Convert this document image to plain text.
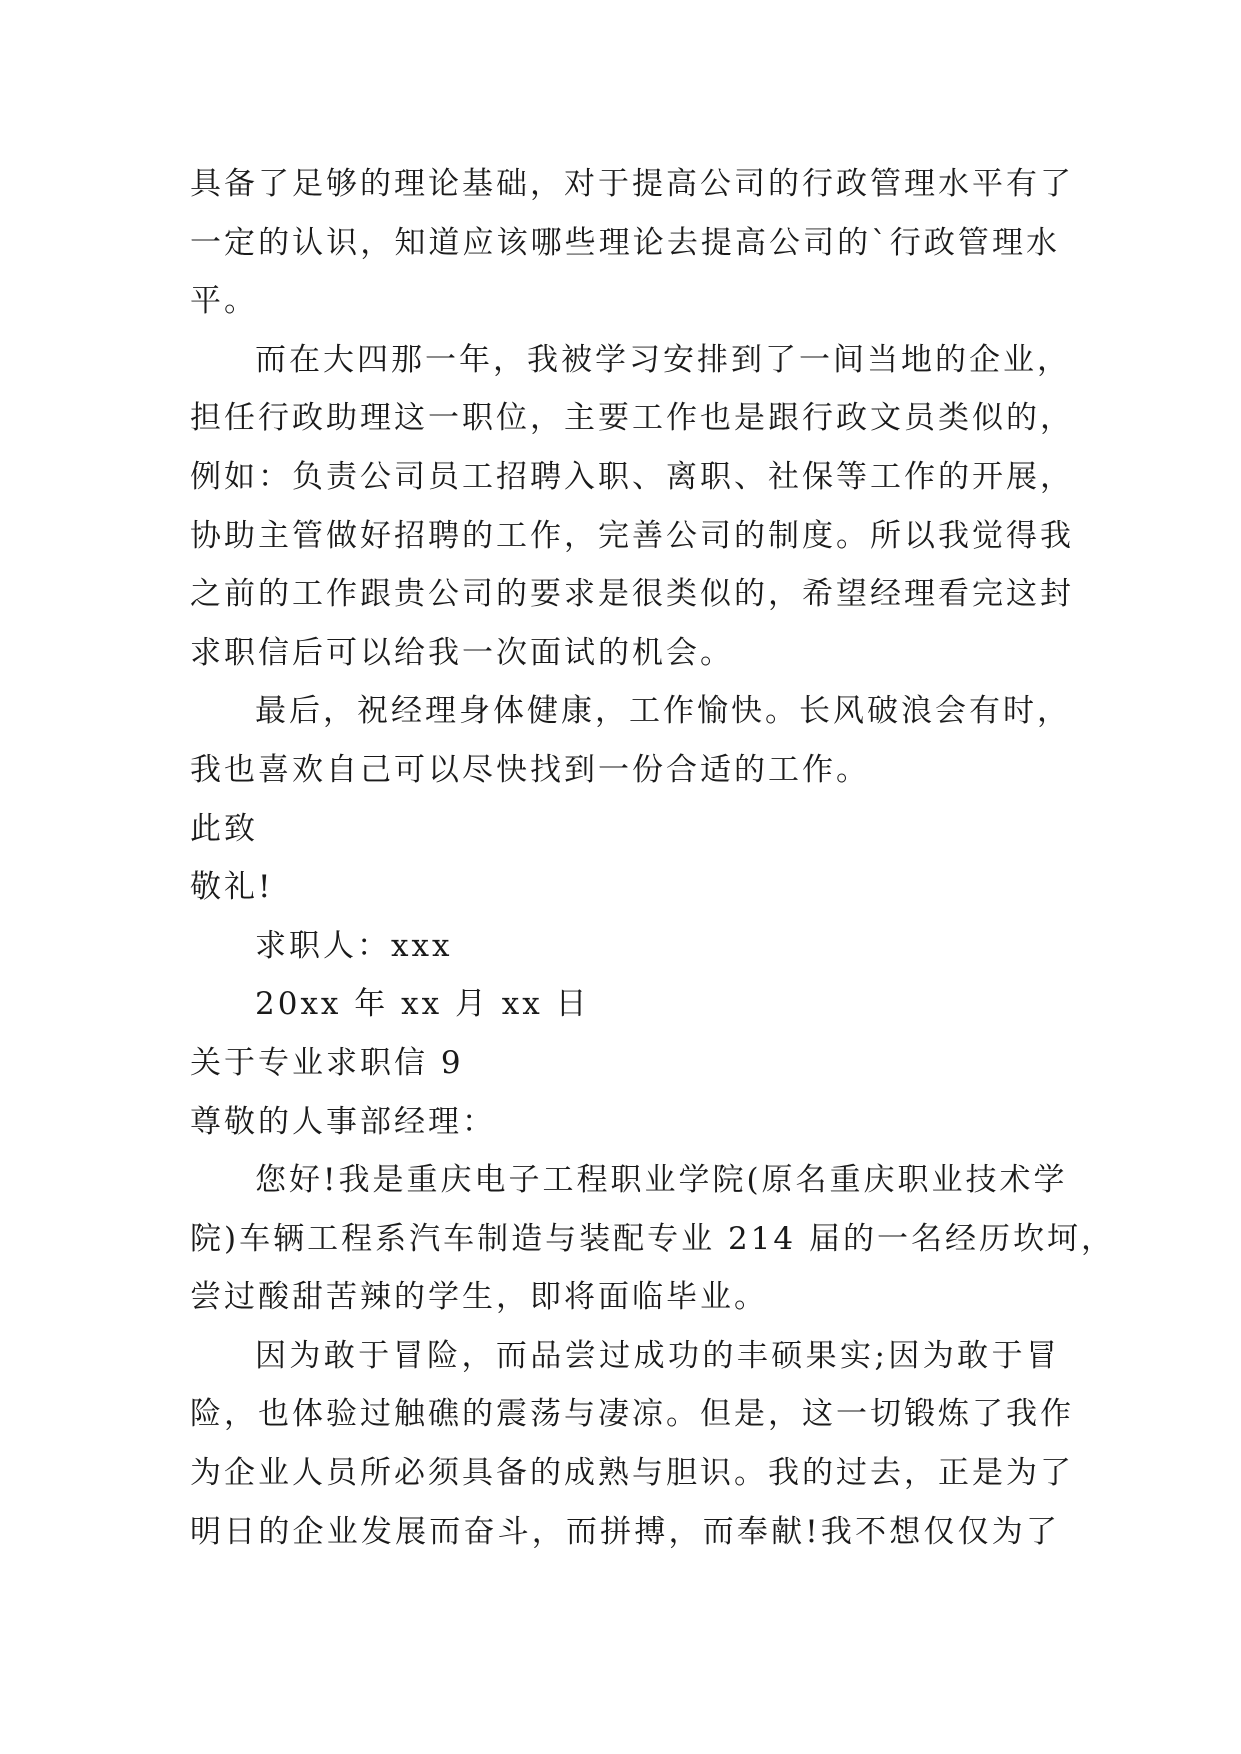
具备了足够的理论基础，对于提高公司的行政管理水平有了
一定的认识，知道应该哪些理论去提高公司的`行政管理水
平。
而在大四那一年，我被学习安排到了一间当地的企业，
担任行政助理这一职位，主要工作也是跟行政文员类似的，
例如：负责公司员工招聘入职、离职、社保等工作的开展，
协助主管做好招聘的工作，完善公司的制度。所以我觉得我
之前的工作跟贵公司的要求是很类似的，希望经理看完这封
求职信后可以给我一次面试的机会。
最后，祝经理身体健康，工作愉快。长风破浪会有时，
我也喜欢自己可以尽快找到一份合适的工作。
此致
敬礼!
求职人：xxx
20xx 年 xx 月 xx 日
关于专业求职信 9
尊敬的人事部经理：
您好!我是重庆电子工程职业学院(原名重庆职业技术学
院)车辆工程系汽车制造与装配专业 214 届的一名经历坎坷，
尝过酸甜苦辣的学生，即将面临毕业。
因为敢于冒险，而品尝过成功的丰硕果实;因为敢于冒
险，也体验过触礁的震荡与凄凉。但是，这一切锻炼了我作
为企业人员所必须具备的成熟与胆识。我的过去，正是为了
明日的企业发展而奋斗，而拼搏，而奉献!我不想仅仅为了
